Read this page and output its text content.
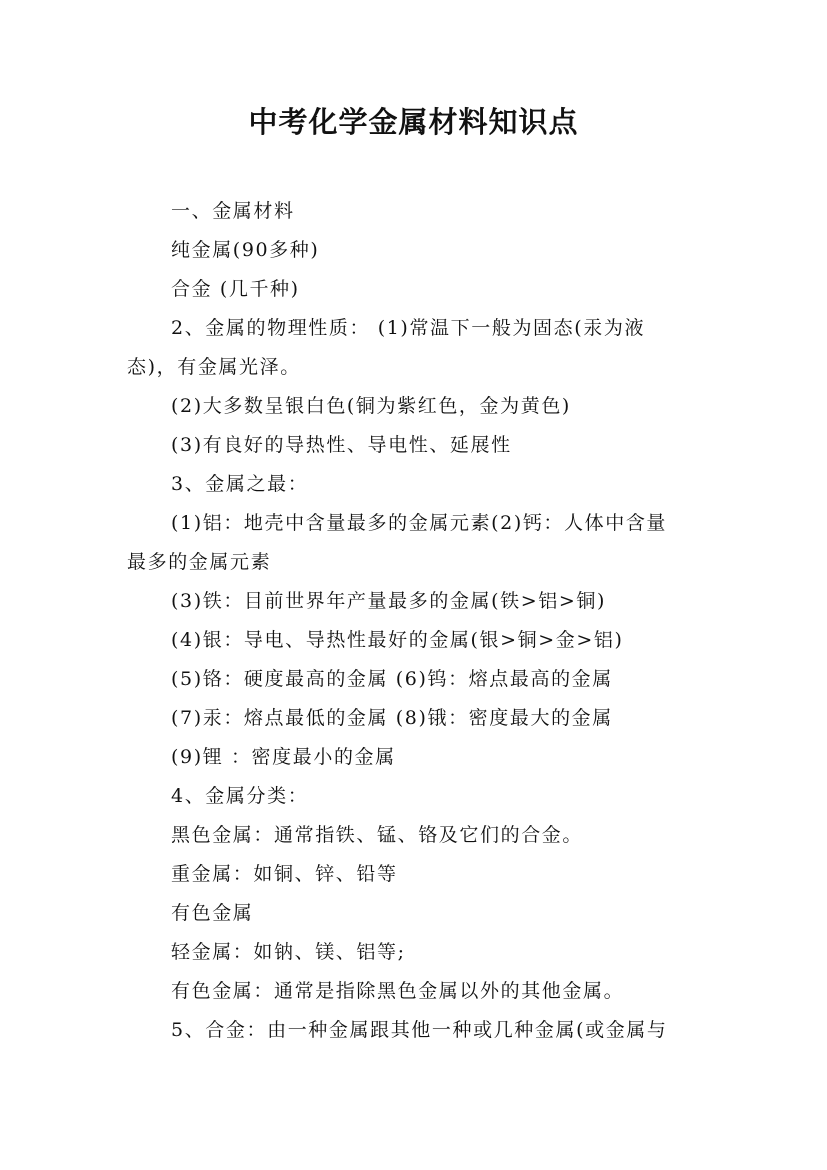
中考化学金属材料知识点
一、金属材料
纯金属(90多种)
合金 (几千种)
2、金属的物理性质： (1)常温下一般为固态(汞为液
态)，有金属光泽。
(2)大多数呈银白色(铜为紫红色，金为黄色)
(3)有良好的导热性、导电性、延展性
3、金属之最：
(1)铝：地壳中含量最多的金属元素(2)钙：人体中含量
最多的金属元素
(3)铁：目前世界年产量最多的金属(铁>铝>铜)
(4)银：导电、导热性最好的金属(银>铜>金>铝)
(5)铬：硬度最高的金属 (6)钨：熔点最高的金属
(7)汞：熔点最低的金属 (8)锇：密度最大的金属
(9)锂 ：密度最小的金属
4、金属分类：
黑色金属：通常指铁、锰、铬及它们的合金。
重金属：如铜、锌、铅等
有色金属
轻金属：如钠、镁、铝等;
有色金属：通常是指除黑色金属以外的其他金属。
5、合金：由一种金属跟其他一种或几种金属(或金属与
